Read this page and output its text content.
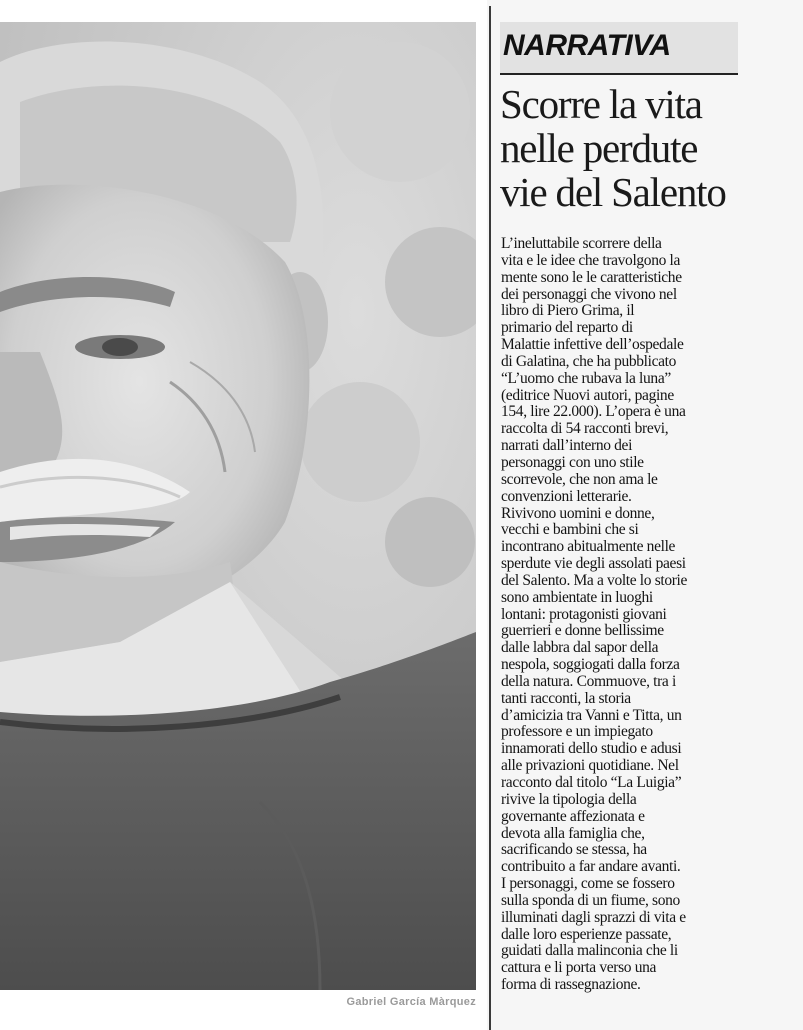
Gabriel García Màrquez
NARRATIVA
Scorre la vita
nelle perdute
vie del Salento
L’ineluttabile scorrere della
vita e le idee che travolgono la
mente sono le le caratteristiche
dei personaggi che vivono nel
libro di Piero Grima, il
primario del reparto di
Malattie infettive dell’ospedale
di Galatina, che ha pubblicato
“L’uomo che rubava la luna”
(editrice Nuovi autori, pagine
154, lire 22.000). L’opera è una
raccolta di 54 racconti brevi,
narrati dall’interno dei
personaggi con uno stile
scorrevole, che non ama le
convenzioni letterarie.
Rivivono uomini e donne,
vecchi e bambini che si
incontrano abitualmente nelle
sperdute vie degli assolati paesi
del Salento. Ma a volte lo storie
sono ambientate in luoghi
lontani: protagonisti giovani
guerrieri e donne bellissime
dalle labbra dal sapor della
nespola, soggiogati dalla forza
della natura. Commuove, tra i
tanti racconti, la storia
d’amicizia tra Vanni e Titta, un
professore e un impiegato
innamorati dello studio e adusi
alle privazioni quotidiane. Nel
racconto dal titolo “La Luigia”
rivive la tipologia della
governante affezionata e
devota alla famiglia che,
sacrificando se stessa, ha
contribuito a far andare avanti.
I personaggi, come se fossero
sulla sponda di un fiume, sono
illuminati dagli sprazzi di vita e
dalle loro esperienze passate,
guidati dalla malinconia che li
cattura e li porta verso una
forma di rassegnazione.
